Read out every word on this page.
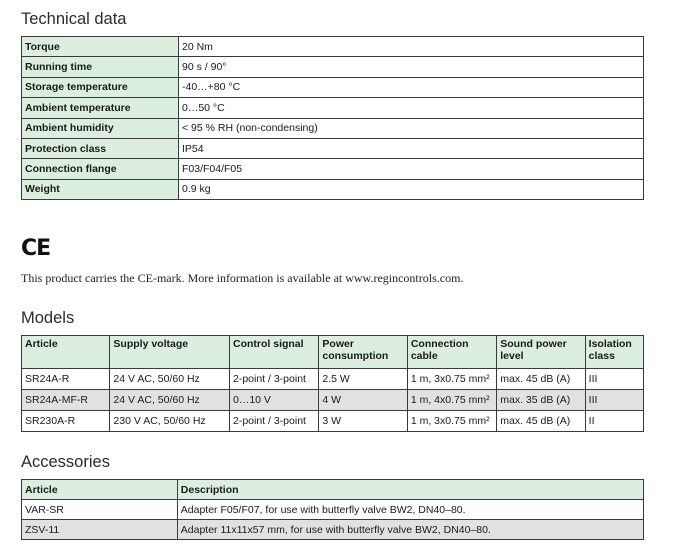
Technical data
Torque	20 Nm
Running time	90 s / 90°
Storage temperature	-40…+80 °C
Ambient temperature	0…50 °C
Ambient humidity	< 95 % RH (non-condensing)
Protection class	IP54
Connection flange	F03/F04/F05
Weight	0.9 kg
CE
This product carries the CE-mark. More information is available at www.regincontrols.com.
Models
Article	Supply voltage	Control signal	Power consumption	Connection cable	Sound power level	Isolation class
SR24A-R	24 V AC, 50/60 Hz	2-point / 3-point	2.5 W	1 m, 3x0.75 mm²	max. 45 dB (A)	III
SR24A-MF-R	24 V AC, 50/60 Hz	0…10 V	4 W	1 m, 4x0.75 mm²	max. 35 dB (A)	III
SR230A-R	230 V AC, 50/60 Hz	2-point / 3-point	3 W	1 m, 3x0.75 mm²	max. 45 dB (A)	II
Accessories
Article	Description
VAR-SR	Adapter F05/F07, for use with butterfly valve BW2, DN40–80.
ZSV-11	Adapter 11x11x57 mm, for use with butterfly valve BW2, DN40–80.
